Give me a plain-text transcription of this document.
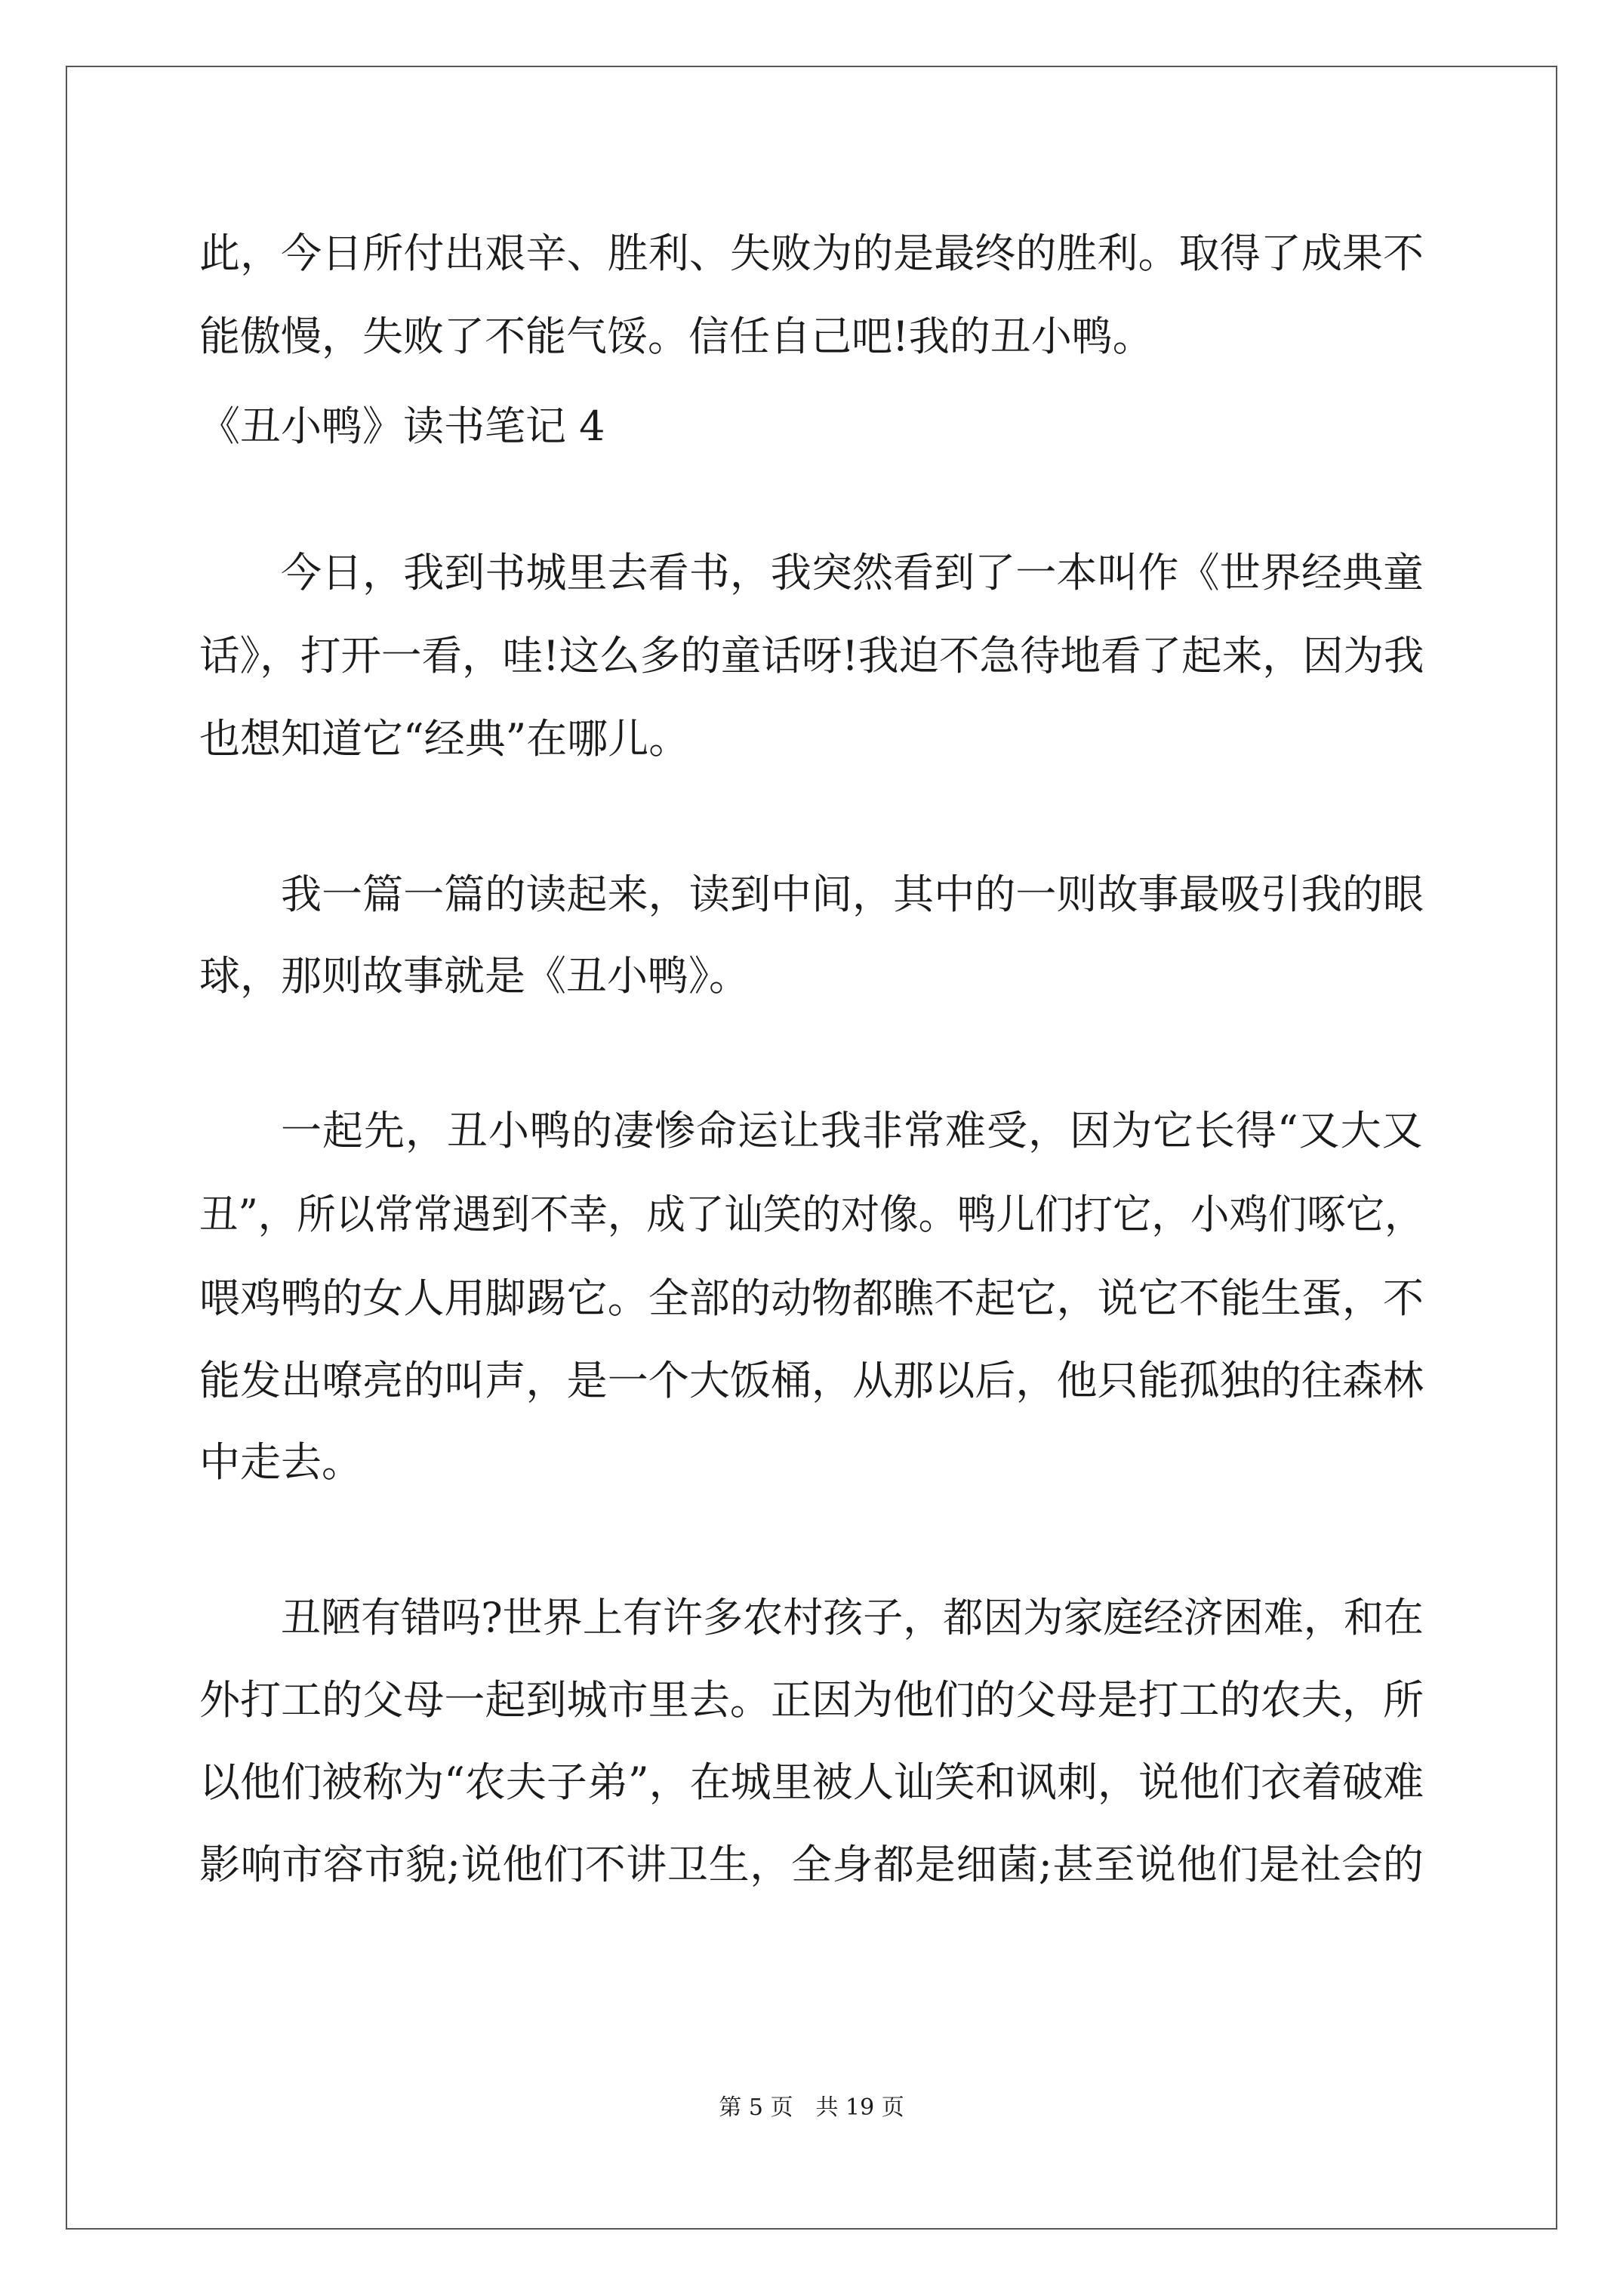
此，今日所付出艰辛、胜利、失败为的是最终的胜利。取得了成果不
能傲慢，失败了不能气馁。信任自己吧!我的丑小鸭。
《丑小鸭》读书笔记 4
今日，我到书城里去看书，我突然看到了一本叫作《世界经典童
话》，打开一看，哇!这么多的童话呀!我迫不急待地看了起来，因为我
也想知道它“经典”在哪儿。
我一篇一篇的读起来，读到中间，其中的一则故事最吸引我的眼
球，那则故事就是《丑小鸭》。
一起先，丑小鸭的凄惨命运让我非常难受，因为它长得“又大又
丑”，所以常常遇到不幸，成了讪笑的对像。鸭儿们打它，小鸡们啄它，
喂鸡鸭的女人用脚踢它。全部的动物都瞧不起它，说它不能生蛋，不
能发出嘹亮的叫声，是一个大饭桶，从那以后，他只能孤独的往森林
中走去。
丑陋有错吗?世界上有许多农村孩子，都因为家庭经济困难，和在
外打工的父母一起到城市里去。正因为他们的父母是打工的农夫，所
以他们被称为“农夫子弟”，在城里被人讪笑和讽刺，说他们衣着破难
影响市容市貌;说他们不讲卫生，全身都是细菌;甚至说他们是社会的
第 5 页　共 19 页
